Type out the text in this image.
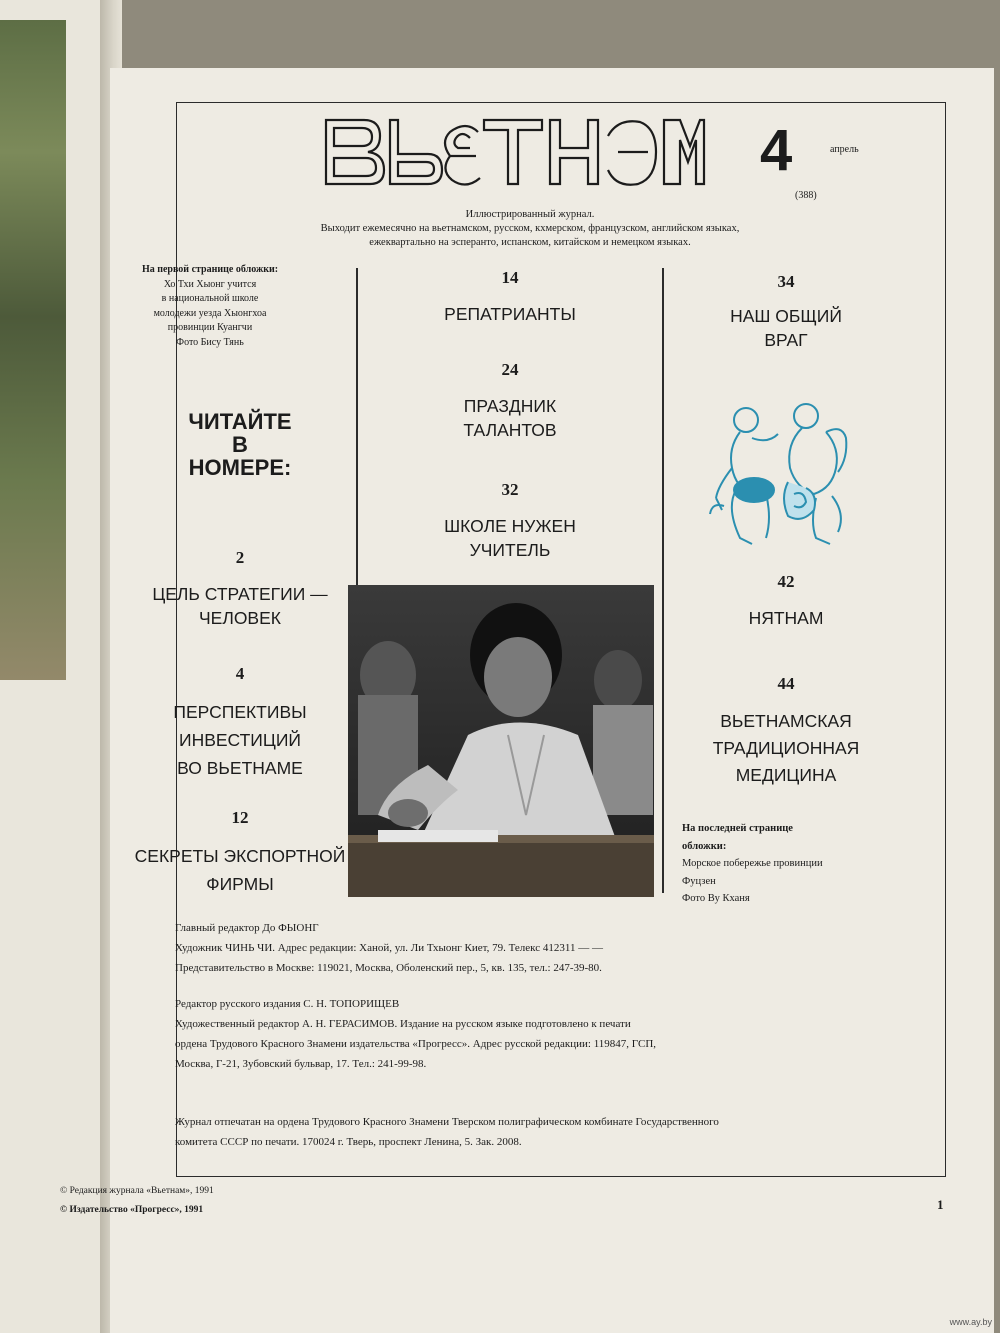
4	апрель
(388)
Иллюстрированный журнал.
Выходит ежемесячно на вьетнамском, русском, кхмерском, французском, английском языках,
ежеквартально на эсперанто, испанском, китайском и немецком языках.
На первой странице обложки:
Хо Тхи Хыонг учится
в национальной школе
молодежи уезда Хыонгхоа
провинции Куангчи
Фото Бису Тянь
ЧИТАЙТЕ
В
НОМЕРЕ:
2
ЦЕЛЬ СТРАТЕГИИ —
ЧЕЛОВЕК
4
ПЕРСПЕКТИВЫ
ИНВЕСТИЦИЙ
ВО ВЬЕТНАМЕ
12
СЕКРЕТЫ ЭКСПОРТНОЙ
ФИРМЫ
14
РЕПАТРИАНТЫ
24
ПРАЗДНИК
ТАЛАНТОВ
32
ШКОЛЕ НУЖЕН
УЧИТЕЛЬ
34
НАШ ОБЩИЙ
ВРАГ
42
НЯТНАМ
44
ВЬЕТНАМСКАЯ
ТРАДИЦИОННАЯ
МЕДИЦИНА
На последней странице
обложки:
Морское побережье провинции
Фуцзен
Фото Ву Кханя
Главный редактор До ФЫОНГ
Художник ЧИНЬ ЧИ. Адрес редакции: Ханой, ул. Ли Тхыонг Киет, 79. Телекс 412311 — —
Представительство в Москве: 119021, Москва, Оболенский пер., 5, кв. 135, тел.: 247-39-80.
Редактор русского издания С. Н. ТОПОРИЩЕВ
Художественный редактор А. Н. ГЕРАСИМОВ. Издание на русском языке подготовлено к печати
ордена Трудового Красного Знамени издательства «Прогресс». Адрес русской редакции: 119847, ГСП,
Москва, Г-21, Зубовский бульвар, 17. Тел.: 241-99-98.
Журнал отпечатан на ордена Трудового Красного Знамени Тверском полиграфическом комбинате Государственного
комитета СССР по печати. 170024 г. Тверь, проспект Ленина, 5. Зак. 2008.
© Редакция журнала «Вьетнам», 1991
© Издательство «Прогресс», 1991	1
www.ay.by
